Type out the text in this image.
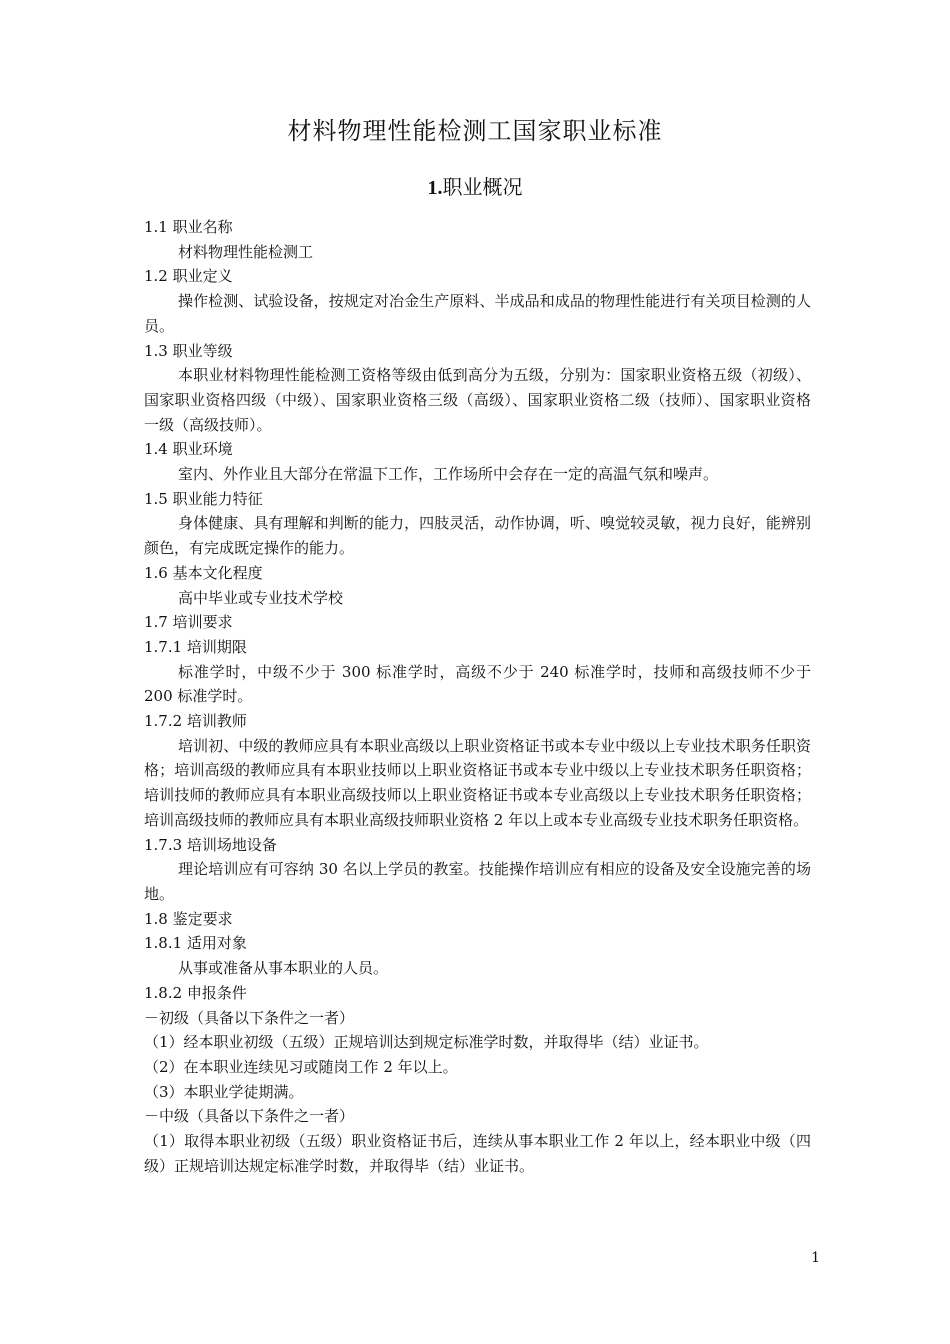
材料物理性能检测工国家职业标准
1.职业概况

1.1 职业名称

材料物理性能检测工

1.2 职业定义

操作检测、试验设备，按规定对冶金生产原料、半成品和成品的物理性能进行有关项目检测的人员。

1.3 职业等级

本职业材料物理性能检测工资格等级由低到高分为五级，分别为：国家职业资格五级（初级）、国家职业资格四级（中级）、国家职业资格三级（高级）、国家职业资格二级（技师）、国家职业资格一级（高级技师）。

1.4 职业环境

室内、外作业且大部分在常温下工作，工作场所中会存在一定的高温气氛和噪声。

1.5 职业能力特征

身体健康、具有理解和判断的能力，四肢灵活，动作协调，听、嗅觉较灵敏，视力良好，能辨别颜色，有完成既定操作的能力。

1.6 基本文化程度

高中毕业或专业技术学校

1.7 培训要求

1.7.1 培训期限

标准学时，中级不少于 300 标准学时，高级不少于 240 标准学时，技师和高级技师不少于 200 标准学时。

1.7.2 培训教师

培训初、中级的教师应具有本职业高级以上职业资格证书或本专业中级以上专业技术职务任职资格；培训高级的教师应具有本职业技师以上职业资格证书或本专业中级以上专业技术职务任职资格；培训技师的教师应具有本职业高级技师以上职业资格证书或本专业高级以上专业技术职务任职资格；培训高级技师的教师应具有本职业高级技师职业资格 2 年以上或本专业高级专业技术职务任职资格。

1.7.3 培训场地设备

理论培训应有可容纳 30 名以上学员的教室。技能操作培训应有相应的设备及安全设施完善的场地。

1.8 鉴定要求

1.8.1 适用对象

从事或准备从事本职业的人员。

1.8.2 申报条件

－初级（具备以下条件之一者）

（1）经本职业初级（五级）正规培训达到规定标准学时数，并取得毕（结）业证书。

（2）在本职业连续见习或随岗工作 2 年以上。

（3）本职业学徒期满。

－中级（具备以下条件之一者）

（1）取得本职业初级（五级）职业资格证书后，连续从事本职业工作 2 年以上，经本职业中级（四级）正规培训达规定标准学时数，并取得毕（结）业证书。

1
